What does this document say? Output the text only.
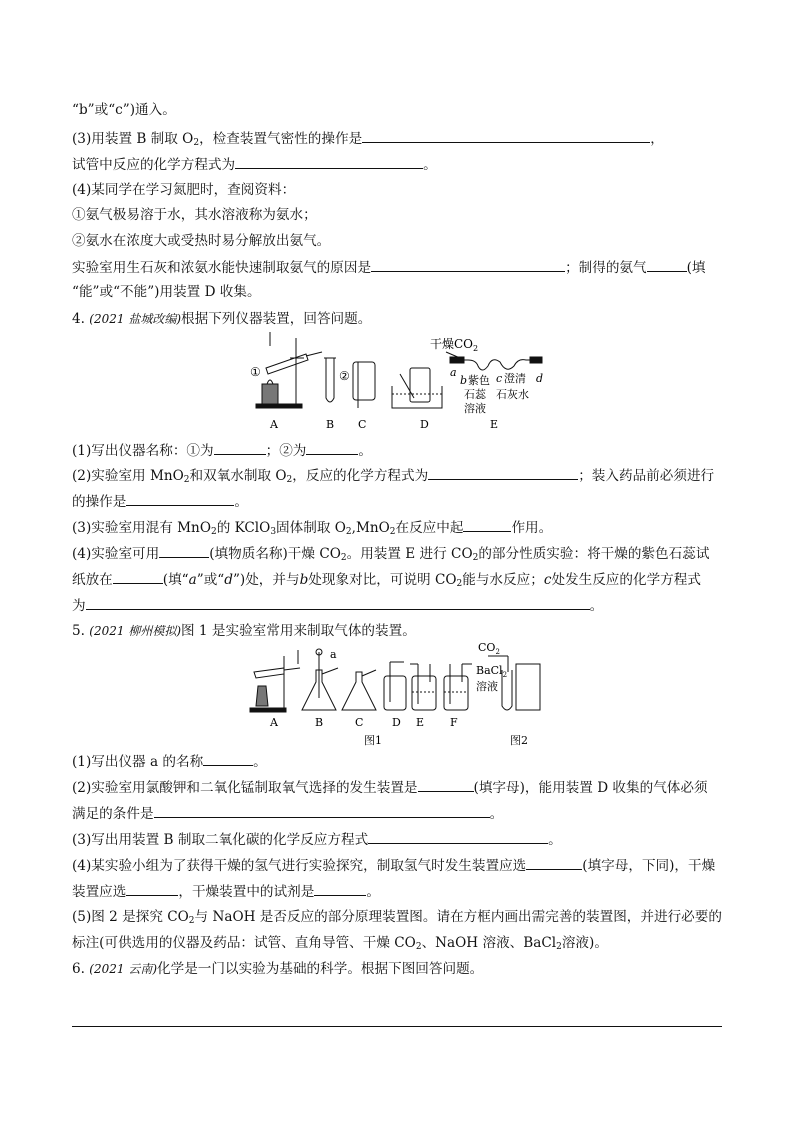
“b”或“c”)通入。
(3)用装置 B 制取 $O_2$，检查装置气密性的操作是	，
试管中反应的化学方程式为	。
(4)某同学在学习氮肥时，查阅资料：
①氨气极易溶于水，其水溶液称为氨水；
②氨水在浓度大或受热时易分解放出氨气。
实验室用生石灰和浓氨水能快速制取氨气的原因是	；制得的氨气	(填
“能”或“不能”)用装置 D 收集。
4. (2021 盐城改编)根据下列仪器装置，回答问题。
①	②
干燥$CO_2$
a
b 紫色 c 澄清 d
石蕊 石灰水
溶液
A	B C	D	E
(1)写出仪器名称：①为	；②为	。
(2)实验室用 MnO$_2$和双氧水制取 $O_2$，反应的化学方程式为	；装入药品前必须进行
的操作是	。
(3)实验室用混有 MnO$_2$的 KClO$_3$固体制取 $O_2,MnO_2$在反应中起	作用。
(4)实验室可用	(填物质名称)干燥 $CO_2$。用装置 E 进行 $CO_2$的部分性质实验：将干燥的紫色石蕊试
纸放在	(填“a”或“d”)处，并与b处现象对比，可说明 $CO_2$能与水反应；c处发生反应的化学方程式
为	。
5. (2021 柳州模拟)图 1 是实验室常用来制取气体的装置。
a
$CO_2$
BaCl$_2$
溶液
A	B	C	D E F
图1	图2
(1)写出仪器 a 的名称	。
(2)实验室用氯酸钾和二氧化锰制取氧气选择的发生装置是	(填字母)，能用装置 D 收集的气体必须
满足的条件是	。
(3)写出用装置 B 制取二氧化碳的化学反应方程式	。
(4)某实验小组为了获得干燥的氢气进行实验探究，制取氢气时发生装置应选	(填字母，下同)，干燥
装置应选	，干燥装置中的试剂是	。
(5)图 2 是探究 $CO_2$与 NaOH 是否反应的部分原理装置图。请在方框内画出需完善的装置图，并进行必要的
标注(可供选用的仪器及药品：试管、直角导管、干燥 $CO_2$、NaOH 溶液、BaCl$_2$溶液)。
6. (2021 云南)化学是一门以实验为基础的科学。根据下图回答问题。
